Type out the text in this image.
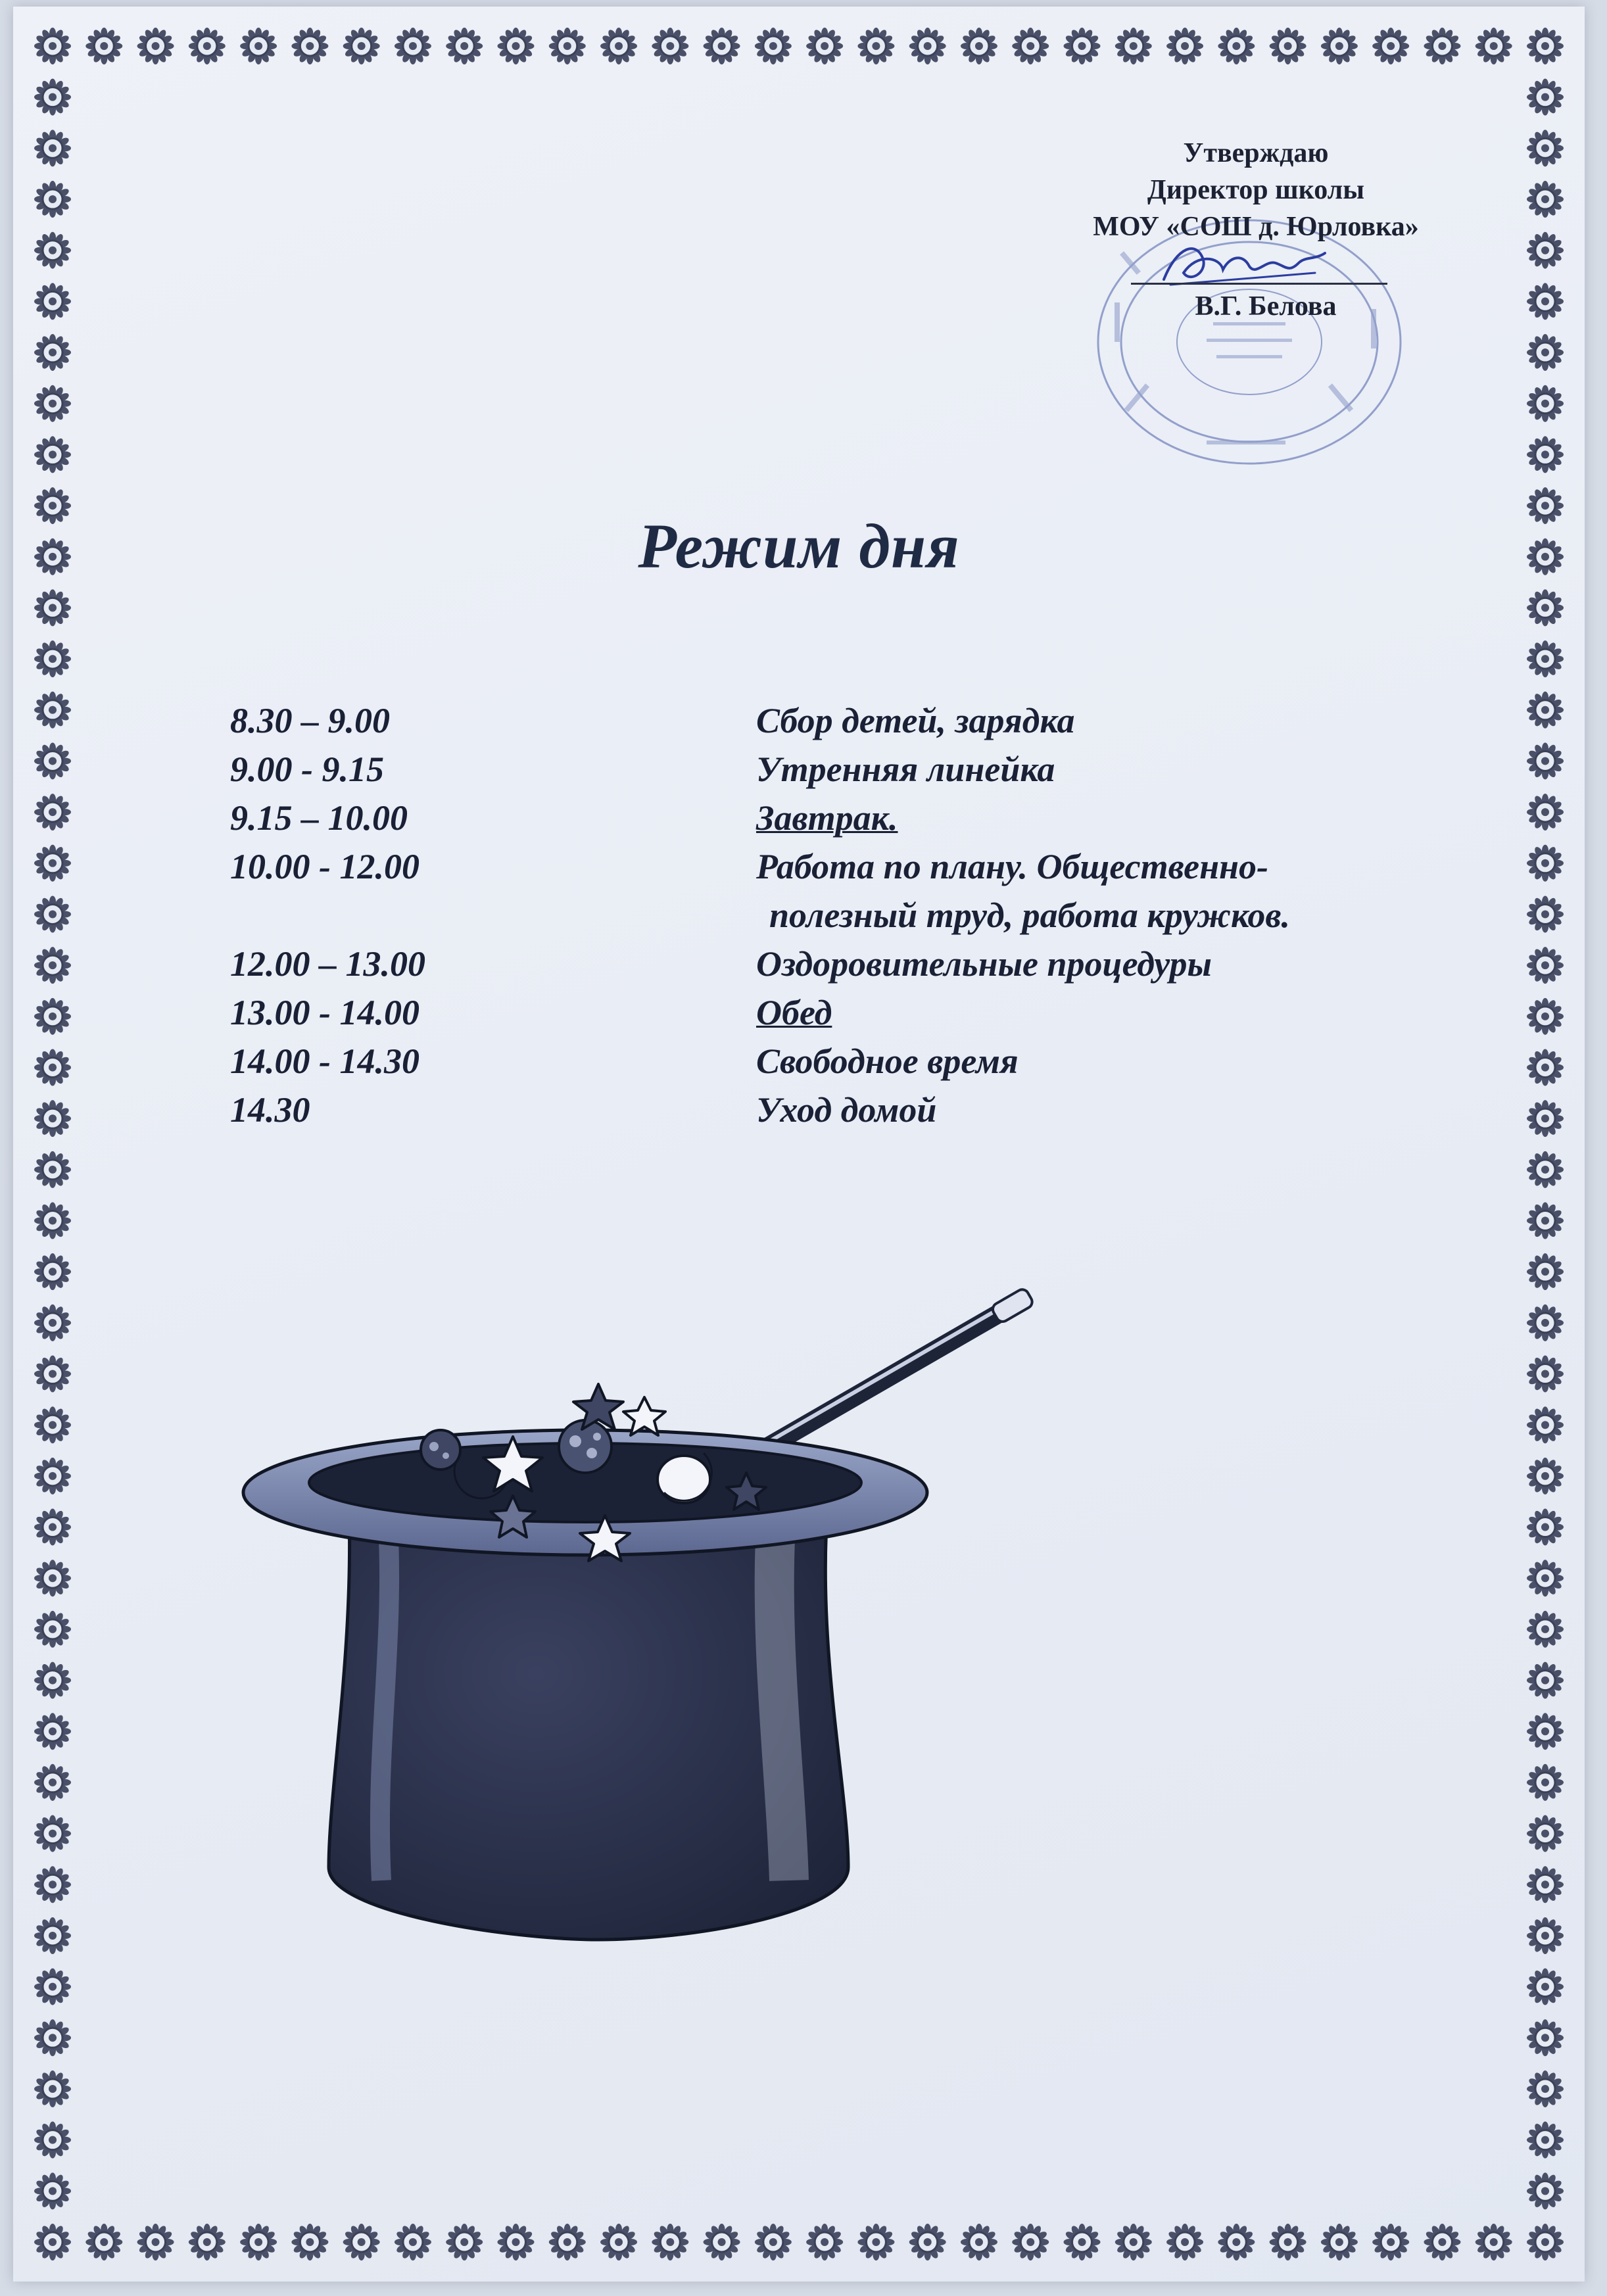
Утверждаю
Директор школы
МОУ «СОШ д. Юрловка»
В.Г. Белова
Режим дня
8.30 – 9.00	Сбор детей, зарядка
9.00 - 9.15	Утренняя линейка
9.15 – 10.00	Завтрак.
10.00 - 12.00	Работа по плану. Общественно-
полезный труд, работа кружков.
12.00 – 13.00	Оздоровительные процедуры
13.00 - 14.00	Обед
14.00 - 14.30	Свободное время
14.30	Уход домой
